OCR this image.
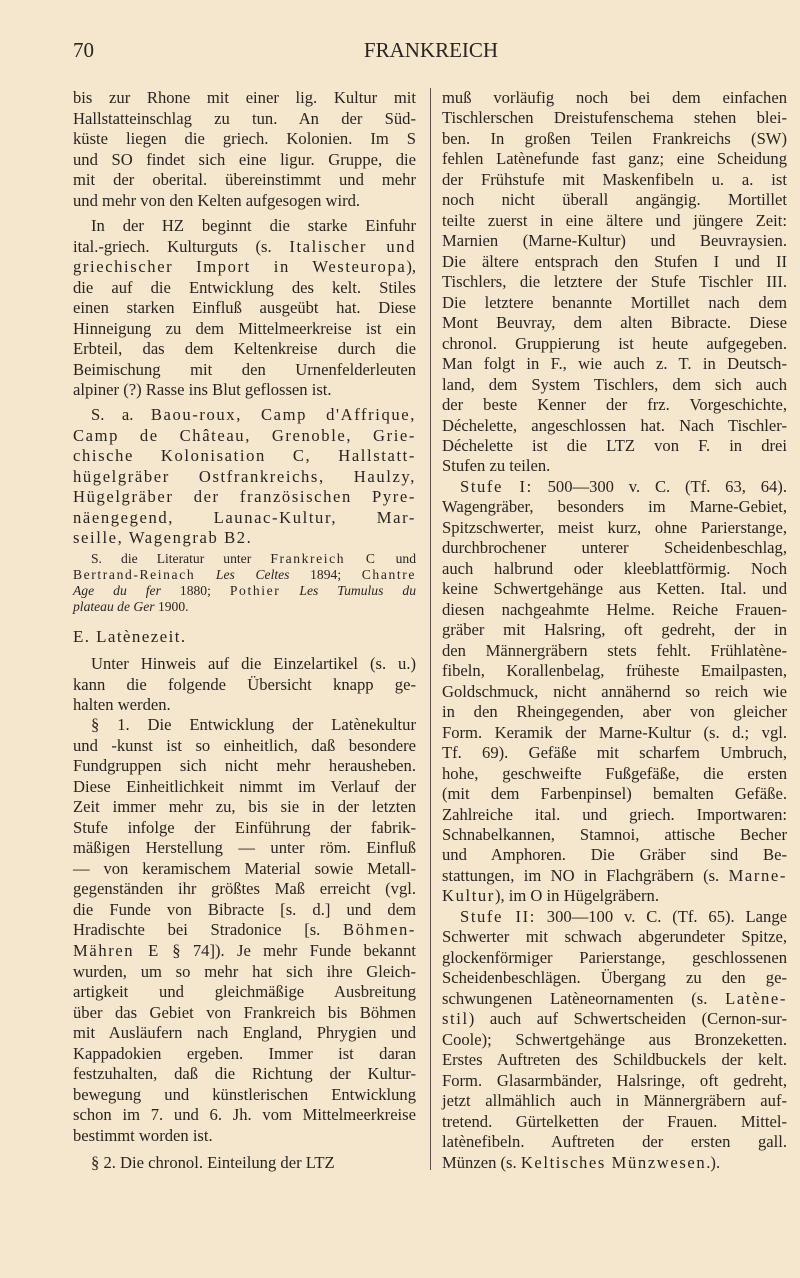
70	FRANKREICH
bis zur Rhone mit einer lig. Kultur mit
Hallstatteinschlag zu tun. An der Süd-
küste liegen die griech. Kolonien. Im S
und SO findet sich eine ligur. Gruppe, die
mit der oberital. übereinstimmt und mehr
und mehr von den Kelten aufgesogen wird.
In der HZ beginnt die starke Einfuhr
ital.-griech. Kulturguts (s. Italischer und
griechischer Import in Westeuropa),
die auf die Entwicklung des kelt. Stiles
einen starken Einfluß ausgeübt hat. Diese
Hinneigung zu dem Mittelmeerkreise ist ein
Erbteil, das dem Keltenkreise durch die
Beimischung mit den Urnenfelderleuten
alpiner (?) Rasse ins Blut geflossen ist.
S. a. Baou-roux, Camp d'Affrique,
Camp de Château, Grenoble, Grie-
chische Kolonisation C, Hallstatt-
hügelgräber Ostfrankreichs, Haulzy,
Hügelgräber der französischen Pyre-
näengegend, Launac-Kultur, Mar-
seille, Wagengrab B2.
S. die Literatur unter Frankreich C und
Bertrand-Reinach Les Celtes 1894; Chantre
Age du fer 1880; Pothier Les Tumulus du
plateau de Ger 1900.
E. Latènezeit.
Unter Hinweis auf die Einzelartikel (s. u.)
kann die folgende Übersicht knapp ge-
halten werden.
§ 1. Die Entwicklung der Latènekultur
und -kunst ist so einheitlich, daß besondere
Fundgruppen sich nicht mehr herausheben.
Diese Einheitlichkeit nimmt im Verlauf der
Zeit immer mehr zu, bis sie in der letzten
Stufe infolge der Einführung der fabrik-
mäßigen Herstellung — unter röm. Einfluß
— von keramischem Material sowie Metall-
gegenständen ihr größtes Maß erreicht (vgl.
die Funde von Bibracte [s. d.] und dem
Hradischte bei Stradonice [s. Böhmen-
Mähren E § 74]). Je mehr Funde bekannt
wurden, um so mehr hat sich ihre Gleich-
artigkeit und gleichmäßige Ausbreitung
über das Gebiet von Frankreich bis Böhmen
mit Ausläufern nach England, Phrygien und
Kappadokien ergeben. Immer ist daran
festzuhalten, daß die Richtung der Kultur-
bewegung und künstlerischen Entwicklung
schon im 7. und 6. Jh. vom Mittelmeerkreise
bestimmt worden ist.
§ 2. Die chronol. Einteilung der LTZ
muß vorläufig noch bei dem einfachen
Tischlerschen Dreistufenschema stehen blei-
ben. In großen Teilen Frankreichs (SW)
fehlen Latènefunde fast ganz; eine Scheidung
der Frühstufe mit Maskenfibeln u. a. ist
noch nicht überall angängig. Mortillet
teilte zuerst in eine ältere und jüngere Zeit:
Marnien (Marne-Kultur) und Beuvraysien.
Die ältere entsprach den Stufen I und II
Tischlers, die letztere der Stufe Tischler III.
Die letztere benannte Mortillet nach dem
Mont Beuvray, dem alten Bibracte. Diese
chronol. Gruppierung ist heute aufgegeben.
Man folgt in F., wie auch z. T. in Deutsch-
land, dem System Tischlers, dem sich auch
der beste Kenner der frz. Vorgeschichte,
Déchelette, angeschlossen hat. Nach Tischler-
Déchelette ist die LTZ von F. in drei
Stufen zu teilen.
Stufe I: 500—300 v. C. (Tf. 63, 64).
Wagengräber, besonders im Marne-Gebiet,
Spitzschwerter, meist kurz, ohne Parierstange,
durchbrochener unterer Scheidenbeschlag,
auch halbrund oder kleeblattförmig. Noch
keine Schwertgehänge aus Ketten. Ital. und
diesen nachgeahmte Helme. Reiche Frauen-
gräber mit Halsring, oft gedreht, der in
den Männergräbern stets fehlt. Frühlatène-
fibeln, Korallenbelag, früheste Emailpasten,
Goldschmuck, nicht annähernd so reich wie
in den Rheingegenden, aber von gleicher
Form. Keramik der Marne-Kultur (s. d.; vgl.
Tf. 69). Gefäße mit scharfem Umbruch,
hohe, geschweifte Fußgefäße, die ersten
(mit dem Farbenpinsel) bemalten Gefäße.
Zahlreiche ital. und griech. Importwaren:
Schnabelkannen, Stamnoi, attische Becher
und Amphoren. Die Gräber sind Be-
stattungen, im NO in Flachgräbern (s. Marne-
Kultur), im O in Hügelgräbern.
Stufe II: 300—100 v. C. (Tf. 65). Lange
Schwerter mit schwach abgerundeter Spitze,
glockenförmiger Parierstange, geschlossenen
Scheidenbeschlägen. Übergang zu den ge-
schwungenen Latèneornamenten (s. Latène-
stil) auch auf Schwertscheiden (Cernon-sur-
Coole); Schwertgehänge aus Bronzeketten.
Erstes Auftreten des Schildbuckels der kelt.
Form. Glasarmbänder, Halsringe, oft gedreht,
jetzt allmählich auch in Männergräbern auf-
tretend. Gürtelketten der Frauen. Mittel-
latènefibeln. Auftreten der ersten gall.
Münzen (s. Keltisches Münzwesen.).
